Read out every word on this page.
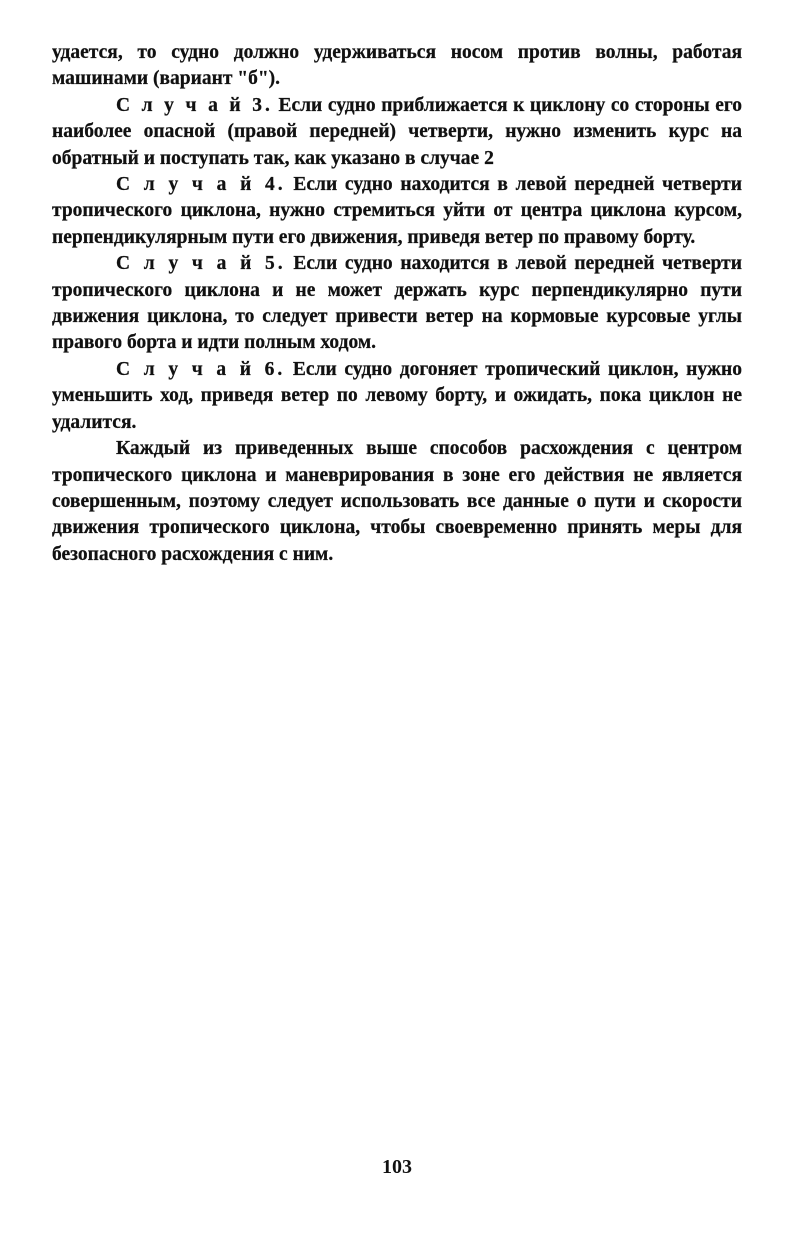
удается, то судно должно удерживаться носом против волны, работая машинами (вариант "б").

С л у ч а й 3. Если судно приближается к циклону со стороны его наиболее опасной (правой передней) четверти, нужно изменить курс на обратный и поступать так, как указано в случае 2

С л у ч а й 4. Если судно находится в левой передней четверти тропического циклона, нужно стремиться уйти от центра циклона курсом, перпендикулярным пути его движения, приведя ветер по правому борту.

С л у ч а й 5. Если судно находится в левой передней четверти тропического циклона и не может держать курс перпендикулярно пути движения циклона, то следует привести ветер на кормовые курсовые углы правого борта и идти полным ходом.

С л у ч а й 6. Если судно догоняет тропический циклон, нужно уменьшить ход, приведя ветер по левому борту, и ожидать, пока циклон не удалится.

Каждый из приведенных выше способов расхождения с центром тропического циклона и маневрирования в зоне его действия не является совершенным, поэтому следует использовать все данные о пути и скорости движения тропического циклона, чтобы своевременно принять меры для безопасного расхождения с ним.

103
